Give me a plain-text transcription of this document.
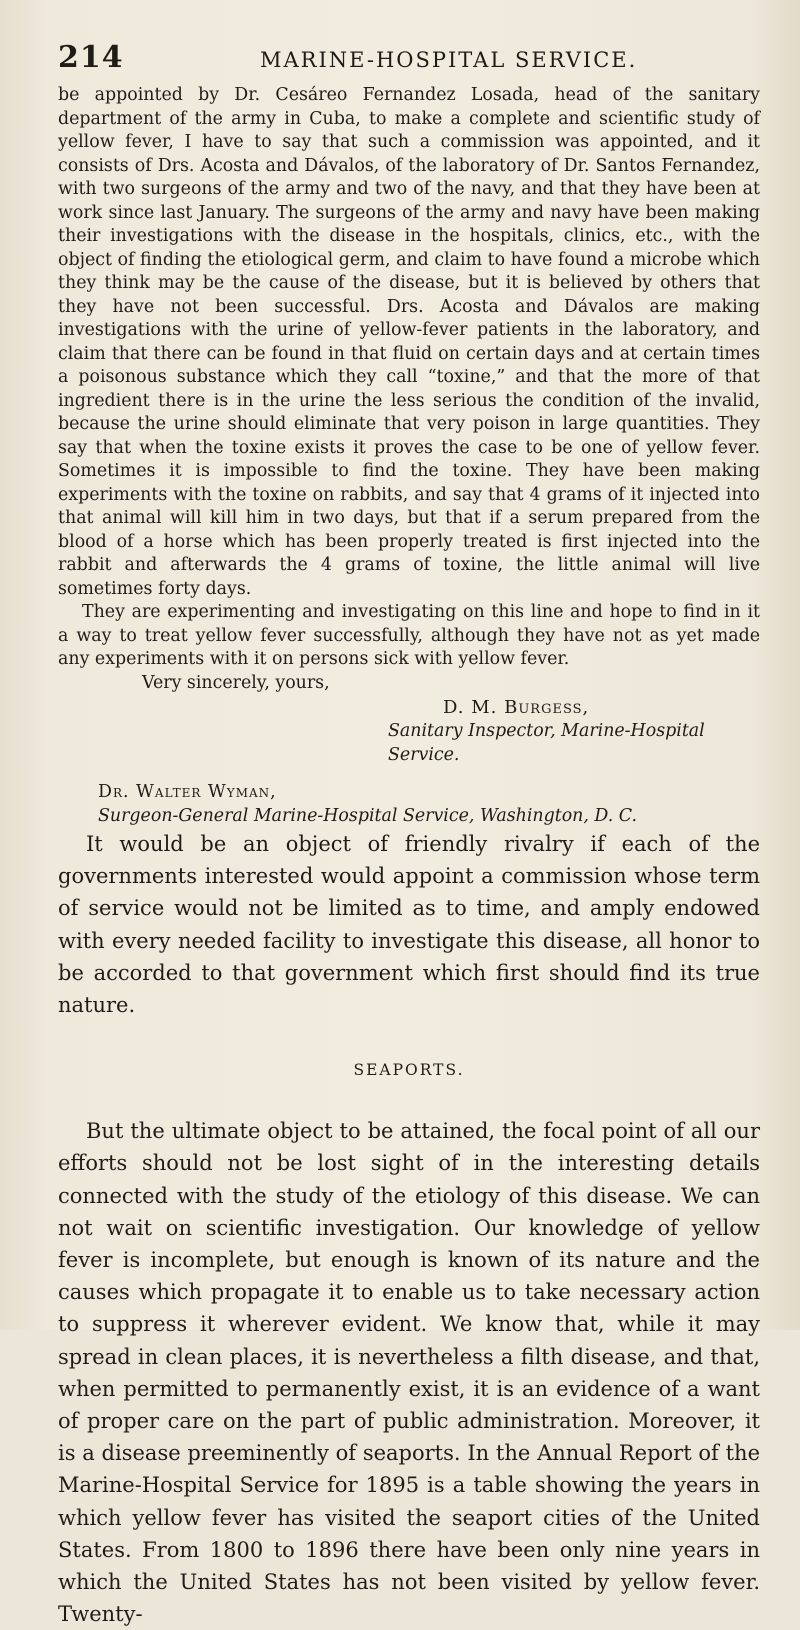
214	MARINE-HOSPITAL SERVICE.

be appointed by Dr. Cesáreo Fernandez Losada, head of the sanitary department of the army in Cuba, to make a complete and scientific study of yellow fever, I have to say that such a commission was appointed, and it consists of Drs. Acosta and Dávalos, of the laboratory of Dr. Santos Fernandez, with two surgeons of the army and two of the navy, and that they have been at work since last January. The surgeons of the army and navy have been making their investigations with the disease in the hospitals, clinics, etc., with the object of finding the etiological germ, and claim to have found a microbe which they think may be the cause of the disease, but it is believed by others that they have not been successful. Drs. Acosta and Dávalos are making investigations with the urine of yellow-fever patients in the laboratory, and claim that there can be found in that fluid on certain days and at certain times a poisonous substance which they call “toxine,” and that the more of that ingredient there is in the urine the less serious the condition of the invalid, because the urine should eliminate that very poison in large quantities. They say that when the toxine exists it proves the case to be one of yellow fever. Sometimes it is impossible to find the toxine. They have been making experiments with the toxine on rabbits, and say that 4 grams of it injected into that animal will kill him in two days, but that if a serum prepared from the blood of a horse which has been properly treated is first injected into the rabbit and afterwards the 4 grams of toxine, the little animal will live sometimes forty days.

They are experimenting and investigating on this line and hope to find in it a way to treat yellow fever successfully, although they have not as yet made any experiments with it on persons sick with yellow fever.

Very sincerely, yours,
D. M. Burgess,
Sanitary Inspector, Marine-Hospital Service.
Dr. Walter Wyman,
Surgeon-General Marine-Hospital Service, Washington, D. C.

It would be an object of friendly rivalry if each of the governments interested would appoint a commission whose term of service would not be limited as to time, and amply endowed with every needed facility to investigate this disease, all honor to be accorded to that government which first should find its true nature.

SEAPORTS.

But the ultimate object to be attained, the focal point of all our efforts should not be lost sight of in the interesting details connected with the study of the etiology of this disease. We can not wait on scientific investigation. Our knowledge of yellow fever is incomplete, but enough is known of its nature and the causes which propagate it to enable us to take necessary action to suppress it wherever evident. We know that, while it may spread in clean places, it is nevertheless a filth disease, and that, when permitted to permanently exist, it is an evidence of a want of proper care on the part of public administration. Moreover, it is a disease preeminently of seaports. In the Annual Report of the Marine-Hospital Service for 1895 is a table showing the years in which yellow fever has visited the seaport cities of the United States. From 1800 to 1896 there have been only nine years in which the United States has not been visited by yellow fever. Twenty-
